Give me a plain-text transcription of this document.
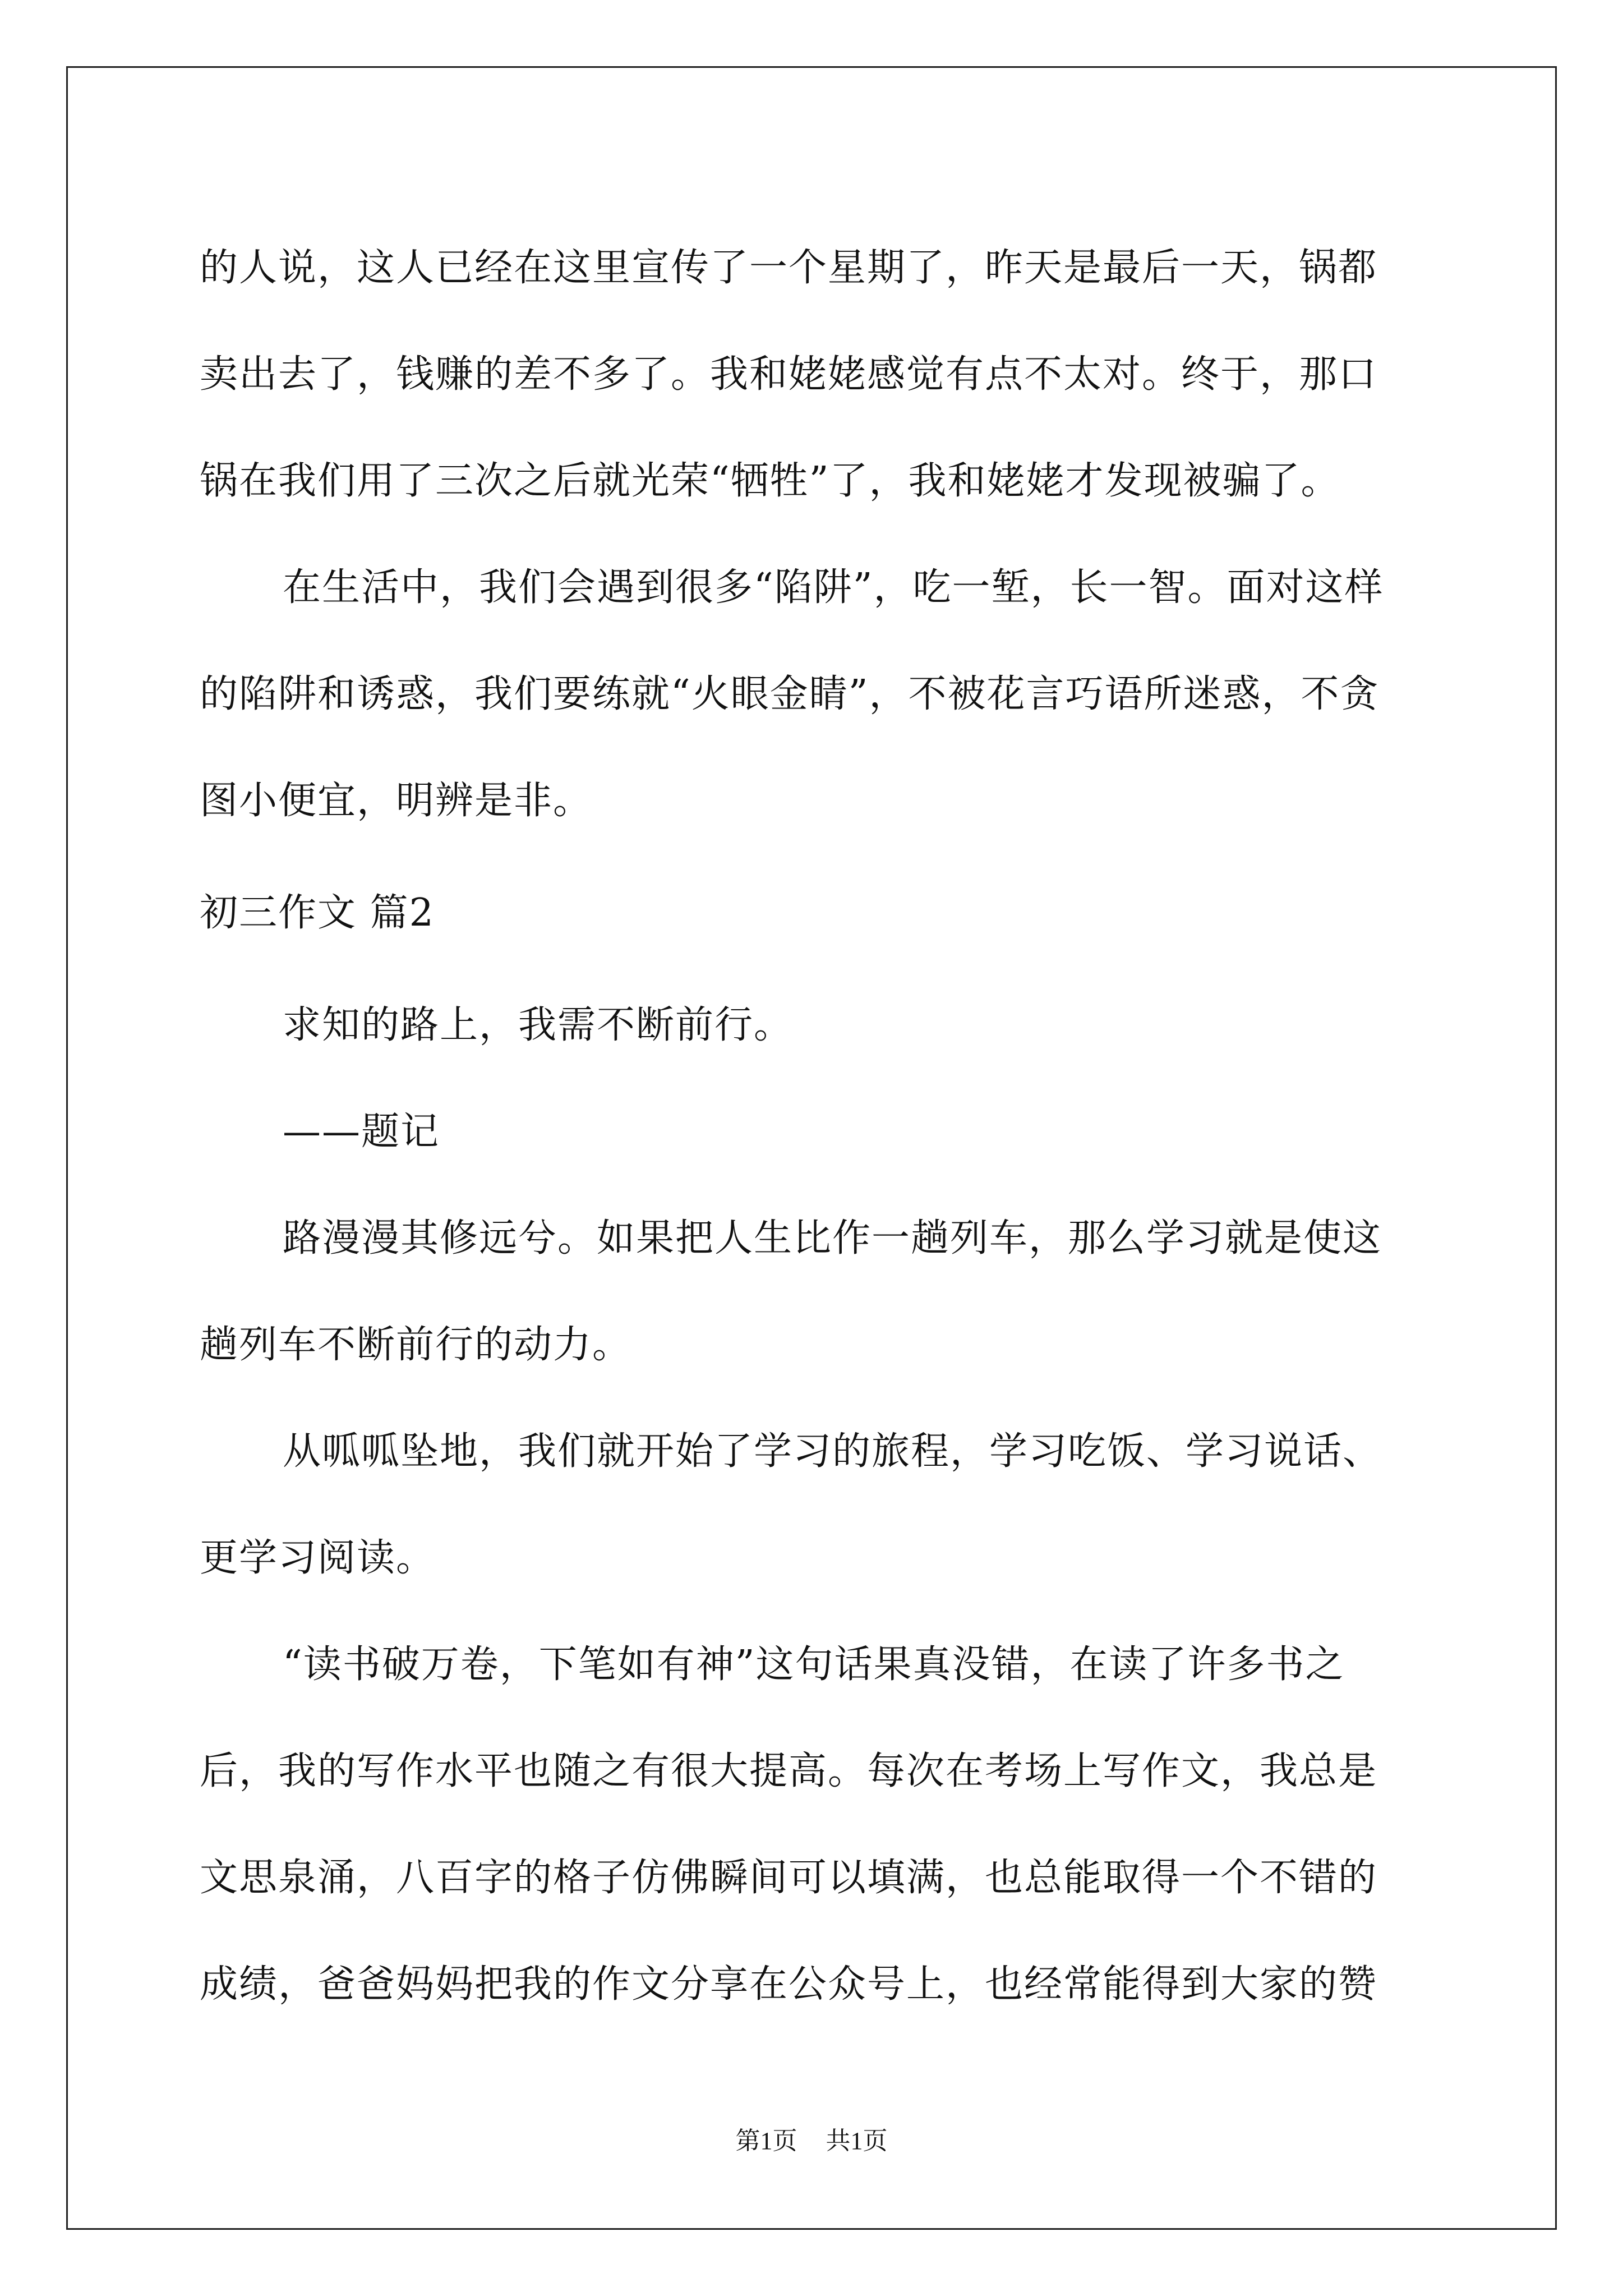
的人说，这人已经在这里宣传了一个星期了，昨天是最后一天，锅都
卖出去了，钱赚的差不多了。我和姥姥感觉有点不太对。终于，那口
锅在我们用了三次之后就光荣“牺牲”了，我和姥姥才发现被骗了。
在生活中，我们会遇到很多“陷阱”，吃一堑，长一智。面对这样
的陷阱和诱惑，我们要练就“火眼金睛”，不被花言巧语所迷惑，不贪
图小便宜，明辨是非。
初三作文 篇2
求知的路上，我需不断前行。
——题记
路漫漫其修远兮。如果把人生比作一趟列车，那么学习就是使这
趟列车不断前行的动力。
从呱呱坠地，我们就开始了学习的旅程，学习吃饭、学习说话、
更学习阅读。
“读书破万卷，下笔如有神”这句话果真没错，在读了许多书之
后，我的写作水平也随之有很大提高。每次在考场上写作文，我总是
文思泉涌，八百字的格子仿佛瞬间可以填满，也总能取得一个不错的
成绩，爸爸妈妈把我的作文分享在公众号上，也经常能得到大家的赞
第1页 共1页
